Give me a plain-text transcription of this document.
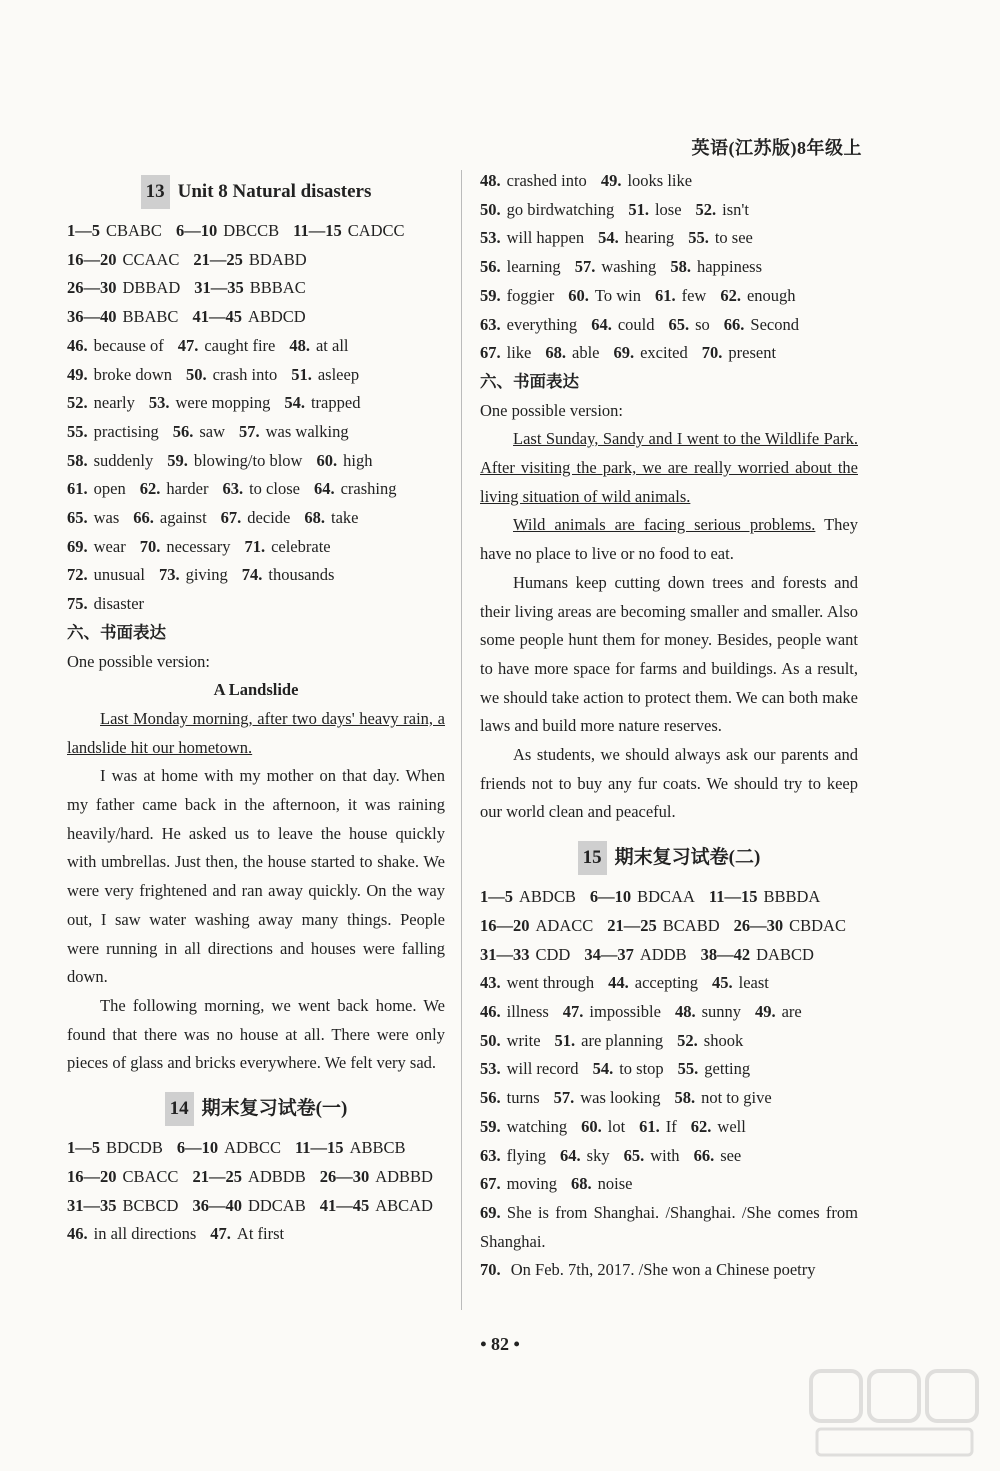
英语(江苏版)8年级上
13 Unit 8 Natural disasters
1—5 CBABC 6—10 DBCCB 11—15 CADCC
16—20 CCAAC 21—25 BDABD
26—30 DBBAD 31—35 BBBAC
36—40 BBABC 41—45 ABDCD
46. because of 47. caught fire 48. at all
49. broke down 50. crash into 51. asleep
52. nearly 53. were mopping 54. trapped
55. practising 56. saw 57. was walking
58. suddenly 59. blowing/to blow 60. high
61. open 62. harder 63. to close 64. crashing
65. was 66. against 67. decide 68. take
69. wear 70. necessary 71. celebrate
72. unusual 73. giving 74. thousands
75. disaster
六、书面表达
One possible version:
A Landslide
Last Monday morning, after two days' heavy rain, a landslide hit our hometown.
I was at home with my mother on that day. When my father came back in the afternoon, it was raining heavily/hard. He asked us to leave the house quickly with umbrellas. Just then, the house started to shake. We were very frightened and ran away quickly. On the way out, I saw water washing away many things. People were running in all directions and houses were falling down.
The following morning, we went back home. We found that there was no house at all. There were only pieces of glass and bricks everywhere. We felt very sad.
14 期末复习试卷(一)
1—5 BDCDB 6—10 ADBCC 11—15 ABBCB
16—20 CBACC 21—25 ADBDB 26—30 ADBBD
31—35 BCBCD 36—40 DDCAB 41—45 ABCAD
46. in all directions 47. At first
48. crashed into 49. looks like
50. go birdwatching 51. lose 52. isn't
53. will happen 54. hearing 55. to see
56. learning 57. washing 58. happiness
59. foggier 60. To win 61. few 62. enough
63. everything 64. could 65. so 66. Second
67. like 68. able 69. excited 70. present
六、书面表达
One possible version:
Last Sunday, Sandy and I went to the Wildlife Park. After visiting the park, we are really worried about the living situation of wild animals.
Wild animals are facing serious problems. They have no place to live or no food to eat.
Humans keep cutting down trees and forests and their living areas are becoming smaller and smaller. Also some people hunt them for money. Besides, people want to have more space for farms and buildings. As a result, we should take action to protect them. We can both make laws and build more nature reserves.
As students, we should always ask our parents and friends not to buy any fur coats. We should try to keep our world clean and peaceful.
15 期末复习试卷(二)
1—5 ABDCB 6—10 BDCAA 11—15 BBBDA
16—20 ADACC 21—25 BCABD 26—30 CBDAC
31—33 CDD 34—37 ADDB 38—42 DABCD
43. went through 44. accepting 45. least
46. illness 47. impossible 48. sunny 49. are
50. write 51. are planning 52. shook
53. will record 54. to stop 55. getting
56. turns 57. was looking 58. not to give
59. watching 60. lot 61. If 62. well
63. flying 64. sky 65. with 66. see
67. moving 68. noise
69. She is from Shanghai. /Shanghai. /She comes from Shanghai.
70. On Feb. 7th, 2017. /She won a Chinese poetry
• 82 •
